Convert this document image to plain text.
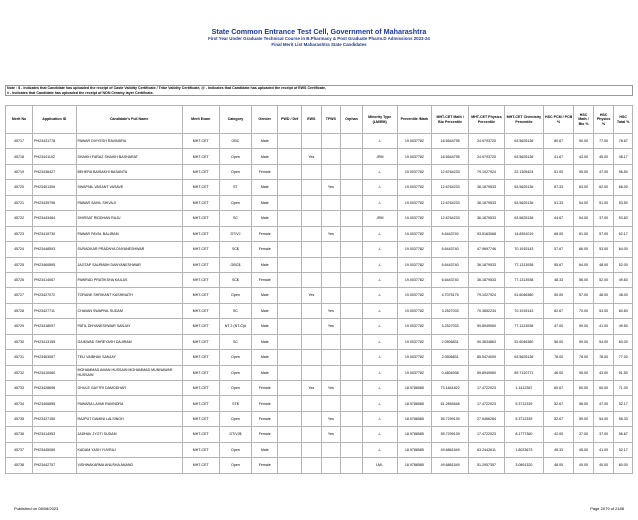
State Common Entrance Test Cell, Government of Maharashtra
First Year Under Graduate Technical Course in B.Pharmacy & Post Graduate Pharm.D Admissions 2023-24
Final Merit List Maharashtra State Candidates
Note : $ - Indicates that Candidate has uploaded the receipt of Caste Validity Certificate / Tribe Validity Certificate, @ - Indicates that Candidate has uploaded the receipt of EWS Certificate,
# - Indicates that Candidate has uploaded the receipt of NON Creamy layer Certificate.
Merit No	Application ID	Candidate's Full Name	Merit Exam	Category	Gender	PWD / Def	EWS	TFWS	Orphan	Minority Type (LM/RM)	Percentile /Mark	MHT-CET Math / Bio Percentile	MHT-CET Physics Percentile	MHT-CET Chemistry Percentile	HSC PCM / PCB %	HSC Math / Bio %	HSC Physics %	HSC Total %
45717	PH23431778	PAWAR DIVYESH RAVINDRA	MHT-CET	OBC	Male					-/-	19.0037782	16.5544795	24.9793720	63.5625136	80.67	90.00	77.00	78.67
45718	PH23441192	SHAIKH FARAZ SHAIKH BASHARAT	MHT-CET	Open	Male		Yes			-/RM	19.0037782	16.5544795	24.9793720	63.5625136	41.67	43.00	45.00	48.17
45719	PH23436427	BEHERA BAISAKHI BASANTA	MHT-CET	Open	Female					-/-	19.0037782	12.6764233	79.1027924	22.1305424	51.00	55.00	47.00	56.50
45720	PH23401306	SWAPNIL VASANT VASAVE	MHT-CET	ST	Male			Yes		-/-	19.0037782	12.6764233	36.1879533	63.5625136	67.33	83.00	62.00	66.00
45721	PH23439796	PAWAR SAHIL SHIVAJI	MHT-CET	Open	Male					-/-	19.0037782	12.6764233	36.1879533	63.5625136	51.33	54.00	51.00	53.50
45722	PH23443484	SHIRSAT RIDDHAN RAJU	MHT-CET	SC	Male					-/RM	19.0037782	12.6764233	36.1879533	63.5625136	44.67	54.00	37.00	53.83
45723	PH23419730	PAWAR PAYAL BALIRAM	MHT-CET	DT/VJ	Female			Yes		-/-	19.0037782	6.6443740	93.5163068	14.8391019	68.00	81.00	57.00	62.17
45724	PH23448593	SURADKAR PRADNYA DNYANESHWAR	MHT-CET	SC$	Female					-/-	19.0037782	6.6443740	47.9697746	70.1915143	57.67	66.00	53.00	64.00
45725	PH23460895	JAGTAP SAURABH DANYANESHWAR	MHT-CET	OBC$	Male					-/-	19.0037782	6.6443740	36.1879533	77.1313938	55.67	64.00	48.00	52.00
45726	PH23414067	PAWRAD PRATIKSHA KAILAS	MHT-CET	SC$	Female					-/-	19.0037782	6.6443740	36.1879533	77.1313938	48.33	56.00	52.00	49.83
45727	PH23427072	TORANE SHRIKANT KASHINATH	MHT-CET	Open	Male		Yes			-/-	19.0037782	4.7075175	79.1027924	51.6046380	50.00	57.00	48.00	48.00
45728	PH23427711	CHAVAN SWAPNIL SUDAM	MHT-CET	SC	Male			Yes		-/-	19.0037782	3.2527033	70.3652234	70.1915143	62.67	70.00	53.00	60.83
45729	PH23418097	PATIL DNYANESHWAR SANJAY	MHT-CET	NT 2 (NT-C)#	Male			Yes		-/-	19.0037782	3.2527033	59.8949060	77.1313938	47.00	59.00	41.00	49.50
45730	PH23413155	GAIKWAD SHREYASH DAJIRAM	MHT-CET	SC	Male					-/-	19.0037782	2.0506831	90.3634863	51.6046380	56.00	59.00	54.00	60.00
45731	PH23463087	TELI VAIBHAV SANJAY	MHT-CET	Open	Male					-/-	19.0037782	2.0506831	85.5474009	63.5625136	78.00	78.00	78.00	77.00
45732	PH23410060	MOHAMMAD AMAN HUSSAIN MOHAMMAD MUNNAWAR HUSSAIN	MHT-CET	Open	Male					-/-	19.0037782	0.4804938	59.8949060	89.7120771	46.00	55.00	43.00	51.50
45733	PH23428698	GHULE GAYTRI DAMODHAR	MHT-CET	Open	Female		Yes	Yes		-/-	18.9786585	73.1841822	17.4722023	1.1412367	60.67	60.00	60.00	71.00
45734	PH23406895	PAWARA LAXMI RAVINDRA	MHT-CET	ST$	Female					-/-	18.9786585	61.2894548	17.4722023	5.3712339	52.67	56.00	47.00	52.17
45735	PH23427150	RAJPUT DAMINI LALSINGH	MHT-CET	Open	Female			Yes		-/-	18.9786585	55.7299139	27.5466284	5.3712339	52.67	59.00	54.00	55.33
45736	PH23414953	JADHAV JYOTI SUDAM	MHT-CET	DT/VJ$	Female			Yes		-/-	18.9786585	55.7299139	17.4722023	8.1777360	42.00	37.00	37.00	56.67
45737	PH23445089	KADAM YASH YUVRAJ	MHT-CET	Open	Male					-/-	18.9786585	49.6861549	63.2442611	1.8023673	45.33	45.00	41.00	52.17
45738	PH23442757	VISHWAKARMA ANUSHA ANAND	MHT-CET	Open	Female					LM/-	18.9786585	49.6861549	51.2957357	3.0891320	48.00	49.00	40.00	60.00
Published on 08/08/2023	Page 2079 of 2188
